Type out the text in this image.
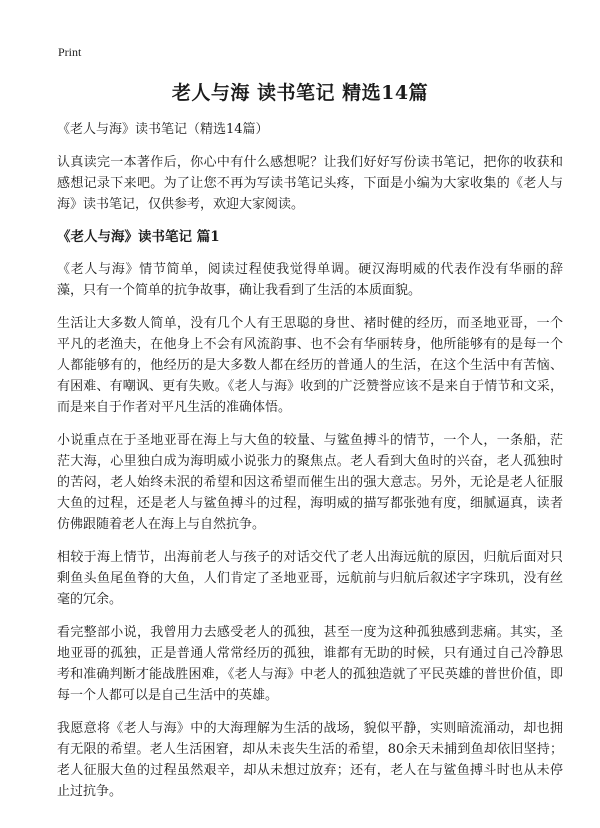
Print
老人与海 读书笔记 精选14篇

《老人与海》读书笔记（精选14篇）

认真读完一本著作后，你心中有什么感想呢？让我们好好写份读书笔记，把你的收获和感想记录下来吧。为了让您不再为写读书笔记头疼，下面是小编为大家收集的《老人与海》读书笔记，仅供参考，欢迎大家阅读。

《老人与海》读书笔记 篇1

《老人与海》情节简单，阅读过程使我觉得单调。硬汉海明威的代表作没有华丽的辞藻，只有一个简单的抗争故事，确让我看到了生活的本质面貌。

生活让大多数人简单，没有几个人有王思聪的身世、褚时健的经历，而圣地亚哥，一个平凡的老渔夫，在他身上不会有风流韵事、也不会有华丽转身，他所能够有的是每一个人都能够有的，他经历的是大多数人都在经历的普通人的生活，在这个生活中有苦恼、有困难、有嘲讽、更有失败。《老人与海》收到的广泛赞誉应该不是来自于情节和文采，而是来自于作者对平凡生活的准确体悟。

小说重点在于圣地亚哥在海上与大鱼的较量、与鲨鱼搏斗的情节，一个人，一条船，茫茫大海，心里独白成为海明威小说张力的聚焦点。老人看到大鱼时的兴奋，老人孤独时的苦闷，老人始终未泯的希望和因这希望而催生出的强大意志。另外，无论是老人征服大鱼的过程，还是老人与鲨鱼搏斗的过程，海明威的描写都张弛有度，细腻逼真，读者仿佛跟随着老人在海上与自然抗争。

相较于海上情节，出海前老人与孩子的对话交代了老人出海远航的原因，归航后面对只剩鱼头鱼尾鱼脊的大鱼，人们肯定了圣地亚哥，远航前与归航后叙述字字珠玑，没有丝毫的冗余。

看完整部小说，我曾用力去感受老人的孤独，甚至一度为这种孤独感到悲痛。其实，圣地亚哥的孤独，正是普通人常常经历的孤独，谁都有无助的时候，只有通过自己冷静思考和准确判断才能战胜困难，《老人与海》中老人的孤独造就了平民英雄的普世价值，即每一个人都可以是自己生活中的英雄。

我愿意将《老人与海》中的大海理解为生活的战场，貌似平静，实则暗流涌动，却也拥有无限的希望。老人生活困窘，却从未丧失生活的希望，80余天未捕到鱼却依旧坚持；老人征服大鱼的过程虽然艰辛，却从未想过放弃；还有，老人在与鲨鱼搏斗时也从未停止过抗争。
